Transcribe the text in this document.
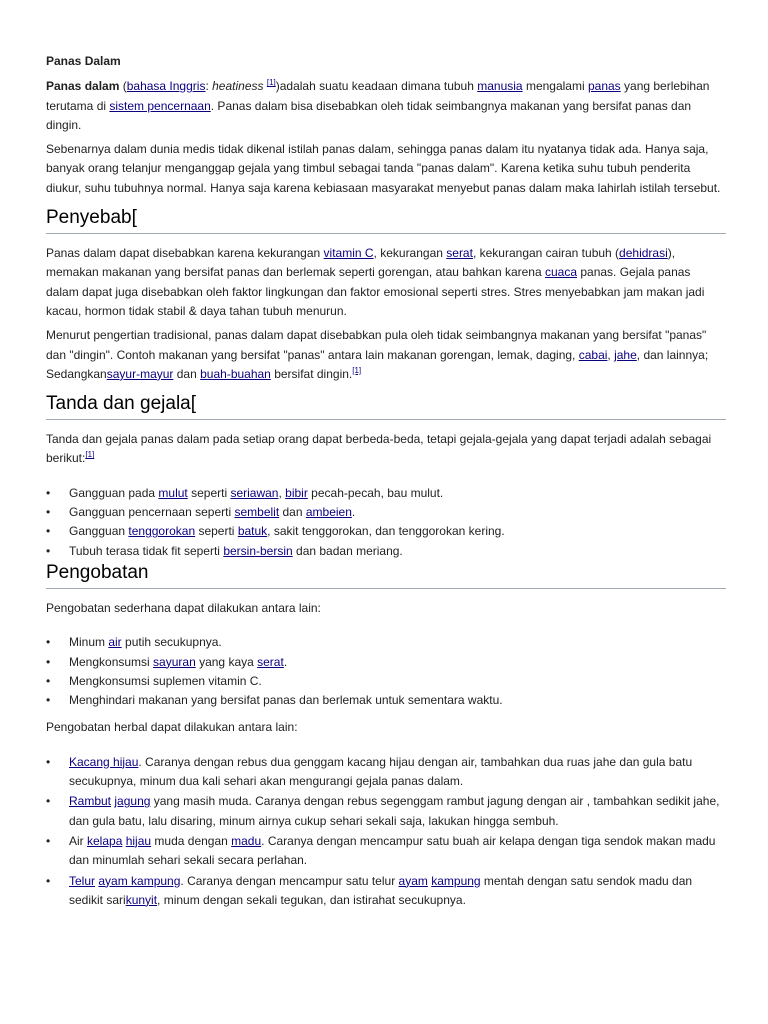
Panas Dalam

Panas dalam (bahasa Inggris: heatiness [1])adalah suatu keadaan dimana tubuh manusia mengalami panas yang berlebihan terutama di sistem pencernaan. Panas dalam bisa disebabkan oleh tidak seimbangnya makanan yang bersifat panas dan dingin.

Sebenarnya dalam dunia medis tidak dikenal istilah panas dalam, sehingga panas dalam itu nyatanya tidak ada. Hanya saja, banyak orang telanjur menganggap gejala yang timbul sebagai tanda "panas dalam". Karena ketika suhu tubuh penderita diukur, suhu tubuhnya normal. Hanya saja karena kebiasaan masyarakat menyebut panas dalam maka lahirlah istilah tersebut.

Penyebab[

Panas dalam dapat disebabkan karena kekurangan vitamin C, kekurangan serat, kekurangan cairan tubuh (dehidrasi), memakan makanan yang bersifat panas dan berlemak seperti gorengan, atau bahkan karena cuaca panas. Gejala panas dalam dapat juga disebabkan oleh faktor lingkungan dan faktor emosional seperti stres. Stres menyebabkan jam makan jadi kacau, hormon tidak stabil & daya tahan tubuh menurun.

Menurut pengertian tradisional, panas dalam dapat disebabkan pula oleh tidak seimbangnya makanan yang bersifat "panas" dan "dingin". Contoh makanan yang bersifat "panas" antara lain makanan gorengan, lemak, daging, cabai, jahe, dan lainnya; Sedangkansayur-mayur dan buah-buahan bersifat dingin.[1]

Tanda dan gejala[

Tanda dan gejala panas dalam pada setiap orang dapat berbeda-beda, tetapi gejala-gejala yang dapat terjadi adalah sebagai berikut:[1]

• Gangguan pada mulut seperti seriawan, bibir pecah-pecah, bau mulut.
• Gangguan pencernaan seperti sembelit dan ambeien.
• Gangguan tenggorokan seperti batuk, sakit tenggorokan, dan tenggorokan kering.
• Tubuh terasa tidak fit seperti bersin-bersin dan badan meriang.
Pengobatan

Pengobatan sederhana dapat dilakukan antara lain:

• Minum air putih secukupnya.
• Mengkonsumsi sayuran yang kaya serat.
• Mengkonsumsi suplemen vitamin C.
• Menghindari makanan yang bersifat panas dan berlemak untuk sementara waktu.

Pengobatan herbal dapat dilakukan antara lain:

• Kacang hijau. Caranya dengan rebus dua genggam kacang hijau dengan air, tambahkan dua ruas jahe dan gula batu secukupnya, minum dua kali sehari akan mengurangi gejala panas dalam.
• Rambut jagung yang masih muda. Caranya dengan rebus segenggam rambut jagung dengan air , tambahkan sedikit jahe, dan gula batu, lalu disaring, minum airnya cukup sehari sekali saja, lakukan hingga sembuh.
• Air kelapa hijau muda dengan madu. Caranya dengan mencampur satu buah air kelapa dengan tiga sendok makan madu dan minumlah sehari sekali secara perlahan.
• Telur ayam kampung. Caranya dengan mencampur satu telur ayam kampung mentah dengan satu sendok madu dan sedikit sarikunyit, minum dengan sekali tegukan, dan istirahat secukupnya.
